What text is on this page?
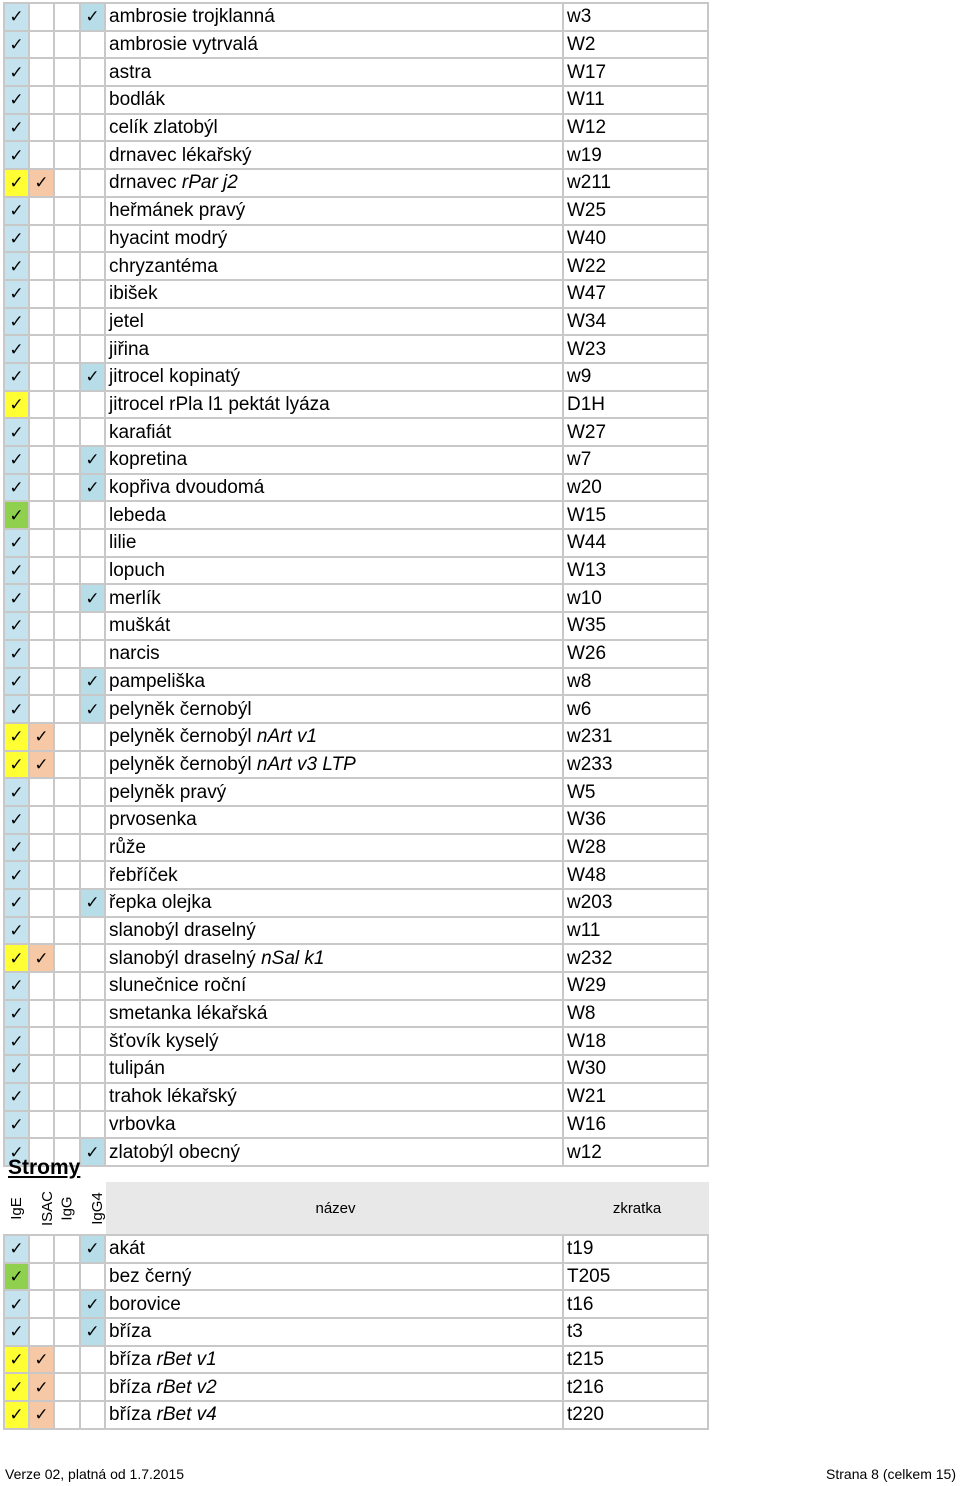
✓			✓	ambrosie trojklanná	w3
✓				ambrosie vytrvalá	W2
✓				astra	W17
✓				bodlák	W11
✓				celík zlatobýl	W12
✓				drnavec lékařský	w19
✓	✓			drnavec rPar j2	w211
✓				heřmánek pravý	W25
✓				hyacint modrý	W40
✓				chryzantéma	W22
✓				ibišek	W47
✓				jetel	W34
✓				jiřina	W23
✓			✓	jitrocel kopinatý	w9
✓				jitrocel rPla l1 pektát lyáza	D1H
✓				karafiát	W27
✓			✓	kopretina	w7
✓			✓	kopřiva dvoudomá	w20
✓				lebeda	W15
✓				lilie	W44
✓				lopuch	W13
✓			✓	merlík	w10
✓				muškát	W35
✓				narcis	W26
✓			✓	pampeliška	w8
✓			✓	pelyněk černobýl	w6
✓	✓			pelyněk černobýl nArt v1	w231
✓	✓			pelyněk černobýl nArt v3 LTP	w233
✓				pelyněk pravý	W5
✓				prvosenka	W36
✓				růže	W28
✓				řebříček	W48
✓			✓	řepka olejka	w203
✓				slanobýl draselný	w11
✓	✓			slanobýl draselný nSal k1	w232
✓				slunečnice roční	W29
✓				smetanka lékařská	W8
✓				šťovík kyselý	W18
✓				tulipán	W30
✓				trahok lékařský	W21
✓				vrbovka	W16
✓			✓	zlatobýl obecný	w12
Stromy
IgE	ISAC	IgG	IgG4	název	zkratka
✓			✓	akát	t19
✓				bez černý	T205
✓			✓	borovice	t16
✓			✓	bříza	t3
✓	✓			bříza rBet v1	t215
✓	✓			bříza rBet v2	t216
✓	✓			bříza rBet v4	t220
Verze 02, platná od 1.7.2015	Strana 8 (celkem 15)
